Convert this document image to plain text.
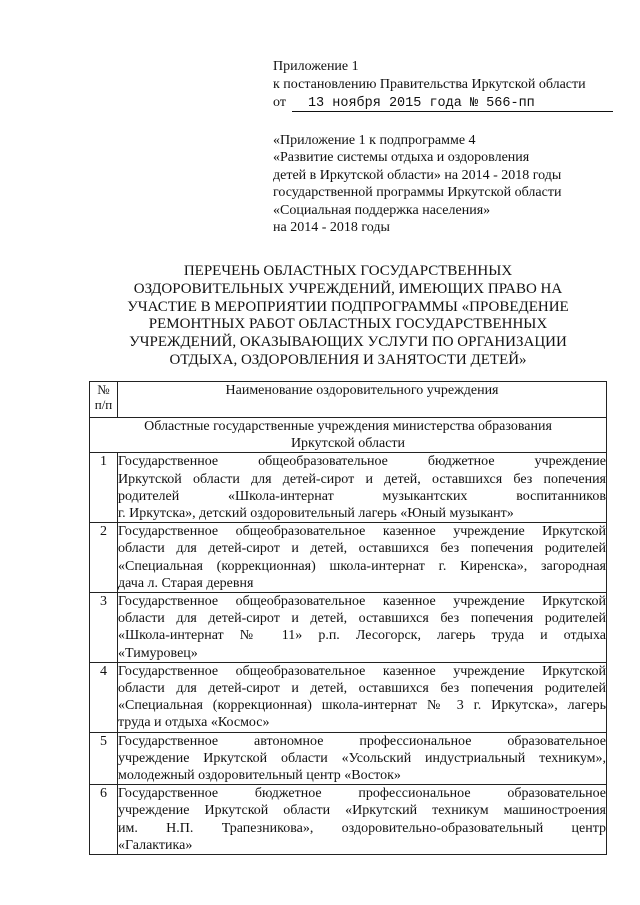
Приложение 1
к постановлению Правительства Иркутской области
от	13 ноября 2015 года № 566-пп
«Приложение 1 к подпрограмме 4
«Развитие системы отдыха и оздоровления
детей в Иркутской области» на 2014 - 2018 годы
государственной программы Иркутской области
«Социальная поддержка населения»
на 2014 - 2018 годы
ПЕРЕЧЕНЬ ОБЛАСТНЫХ ГОСУДАРСТВЕННЫХ
ОЗДОРОВИТЕЛЬНЫХ УЧРЕЖДЕНИЙ, ИМЕЮЩИХ ПРАВО НА
УЧАСТИЕ В МЕРОПРИЯТИИ ПОДПРОГРАММЫ «ПРОВЕДЕНИЕ
РЕМОНТНЫХ РАБОТ ОБЛАСТНЫХ ГОСУДАРСТВЕННЫХ
УЧРЕЖДЕНИЙ, ОКАЗЫВАЮЩИХ УСЛУГИ ПО ОРГАНИЗАЦИИ
ОТДЫХА, ОЗДОРОВЛЕНИЯ И ЗАНЯТОСТИ ДЕТЕЙ»
№
п/п	Наименование оздоровительного учреждения

Областные государственные учреждения министерства образования
Иркутской области	

1	Государственное общеобразовательное бюджетное учреждение
Иркутской области для детей-сирот и детей, оставшихся без попечения
родителей «Школа-интернат музыкантских воспитанников
г. Иркутска», детский оздоровительный лагерь «Юный музыкант»

2	Государственное общеобразовательное казенное учреждение Иркутской
области для детей-сирот и детей, оставшихся без попечения родителей
«Специальная (коррекционная) школа-интернат г. Киренска», загородная
дача л. Старая деревня

3	Государственное общеобразовательное казенное учреждение Иркутской
области для детей-сирот и детей, оставшихся без попечения родителей
«Школа-интернат № 11» р.п. Лесогорск, лагерь труда и отдыха
«Тимуровец»

4	Государственное общеобразовательное казенное учреждение Иркутской
области для детей-сирот и детей, оставшихся без попечения родителей
«Специальная (коррекционная) школа-интернат № 3 г. Иркутска», лагерь
труда и отдыха «Космос»

5	Государственное автономное профессиональное образовательное
учреждение Иркутской области «Усольский индустриальный техникум»,
молодежный оздоровительный центр «Восток»

6	Государственное бюджетное профессиональное образовательное
учреждение Иркутской области «Иркутский техникум машиностроения
им. Н.П. Трапезникова», оздоровительно-образовательный центр
«Галактика»
